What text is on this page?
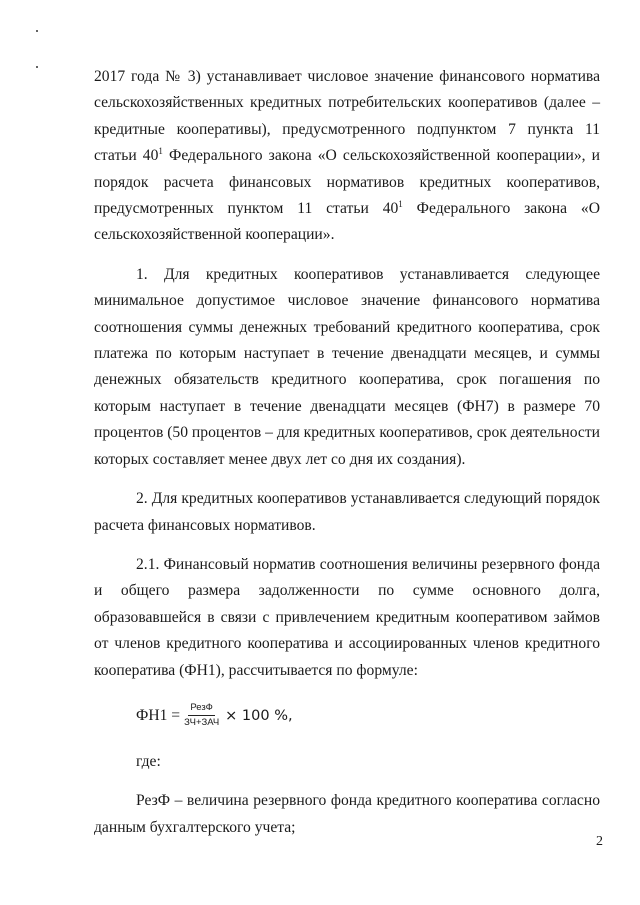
2017 года № 3) устанавливает числовое значение финансового норматива сельскохозяйственных кредитных потребительских кооперативов (далее – кредитные кооперативы), предусмотренного подпунктом 7 пункта 11 статьи $40^1$ Федерального закона «О сельскохозяйственной кооперации», и порядок расчета финансовых нормативов кредитных кооперативов, предусмотренных пунктом 11 статьи $40^1$ Федерального закона «О сельскохозяйственной кооперации».

1. Для кредитных кооперативов устанавливается следующее минимальное допустимое числовое значение финансового норматива соотношения суммы денежных требований кредитного кооператива, срок платежа по которым наступает в течение двенадцати месяцев, и суммы денежных обязательств кредитного кооператива, срок погашения по которым наступает в течение двенадцати месяцев (ФН7) в размере 70 процентов (50 процентов – для кредитных кооперативов, срок деятельности которых составляет менее двух лет со дня их создания).

2. Для кредитных кооперативов устанавливается следующий порядок расчета финансовых нормативов.

2.1. Финансовый норматив соотношения величины резервного фонда и общего размера задолженности по сумме основного долга, образовавшейся в связи с привлечением кредитным кооперативом займов от членов кредитного кооператива и ассоциированных членов кредитного кооператива (ФН1), рассчитывается по формуле:

$ФН1 = \frac{\text{РезФ}}{\text{ЗЧ+ЗАЧ}} \times 100$ %,

где:

РезФ – величина резервного фонда кредитного кооператива согласно данным бухгалтерского учета;

2
